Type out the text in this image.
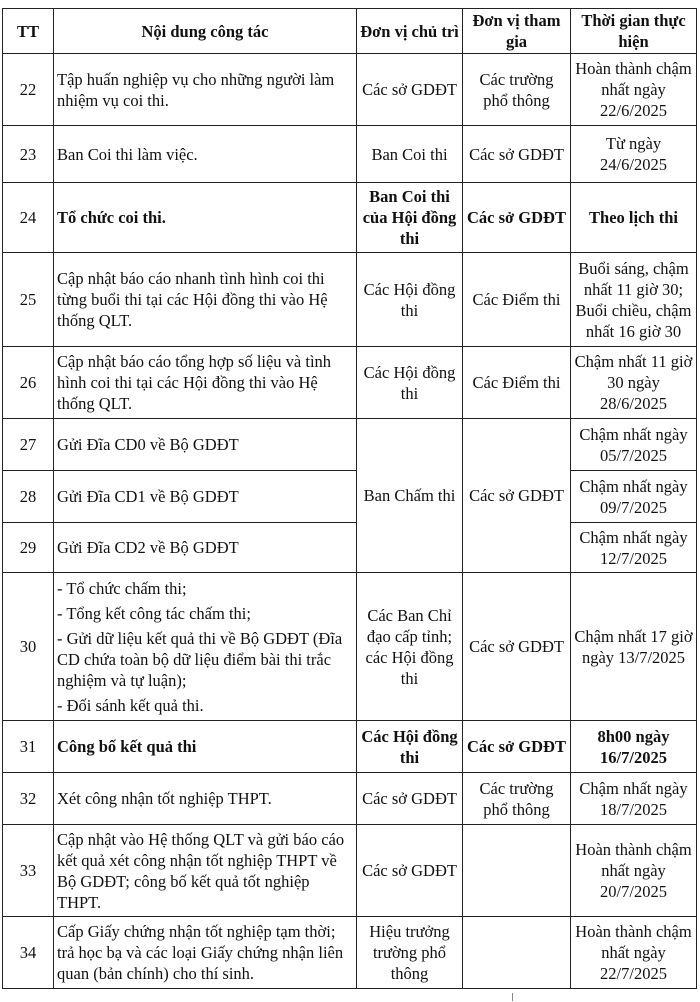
TT	Nội dung công tác	Đơn vị chủ trì	Đơn vị tham gia	Thời gian thực hiện
22	Tập huấn nghiệp vụ cho những người làm nhiệm vụ coi thi.	Các sở GDĐT	Các trường phổ thông	Hoàn thành chậm nhất ngày 22/6/2025
23	Ban Coi thi làm việc.	Ban Coi thi	Các sở GDĐT	Từ ngày 24/6/2025
24	Tổ chức coi thi.	Ban Coi thi của Hội đồng thi	Các sở GDĐT	Theo lịch thi
25	Cập nhật báo cáo nhanh tình hình coi thi từng buổi thi tại các Hội đồng thi vào Hệ thống QLT.	Các Hội đồng thi	Các Điểm thi	Buổi sáng, chậm nhất 11 giờ 30; Buổi chiều, chậm nhất 16 giờ 30
26	Cập nhật báo cáo tổng hợp số liệu và tình hình coi thi tại các Hội đồng thi vào Hệ thống QLT.	Các Hội đồng thi	Các Điểm thi	Chậm nhất 11 giờ 30 ngày 28/6/2025
27	Gửi Đĩa CD0 về Bộ GDĐT	Ban Chấm thi	Các sở GDĐT	Chậm nhất ngày 05/7/2025
28	Gửi Đĩa CD1 về Bộ GDĐT			Chậm nhất ngày 09/7/2025
29	Gửi Đĩa CD2 về Bộ GDĐT			Chậm nhất ngày 12/7/2025
30	- Tổ chức chấm thi;
- Tổng kết công tác chấm thi;
- Gửi dữ liệu kết quả thi về Bộ GDĐT (Đĩa CD chứa toàn bộ dữ liệu điểm bài thi trắc nghiệm và tự luận);
- Đối sánh kết quả thi.	Các Ban Chỉ đạo cấp tỉnh; các Hội đồng thi	Các sở GDĐT	Chậm nhất 17 giờ ngày 13/7/2025
31	Công bố kết quả thi	Các Hội đồng thi	Các sở GDĐT	8h00 ngày 16/7/2025
32	Xét công nhận tốt nghiệp THPT.	Các sở GDĐT	Các trường phổ thông	Chậm nhất ngày 18/7/2025
33	Cập nhật vào Hệ thống QLT và gửi báo cáo kết quả xét công nhận tốt nghiệp THPT về Bộ GDĐT; công bố kết quả tốt nghiệp THPT.	Các sở GDĐT		Hoàn thành chậm nhất ngày 20/7/2025
34	Cấp Giấy chứng nhận tốt nghiệp tạm thời; trả học bạ và các loại Giấy chứng nhận liên quan (bản chính) cho thí sinh.	Hiệu trưởng trường phổ thông		Hoàn thành chậm nhất ngày 22/7/2025
